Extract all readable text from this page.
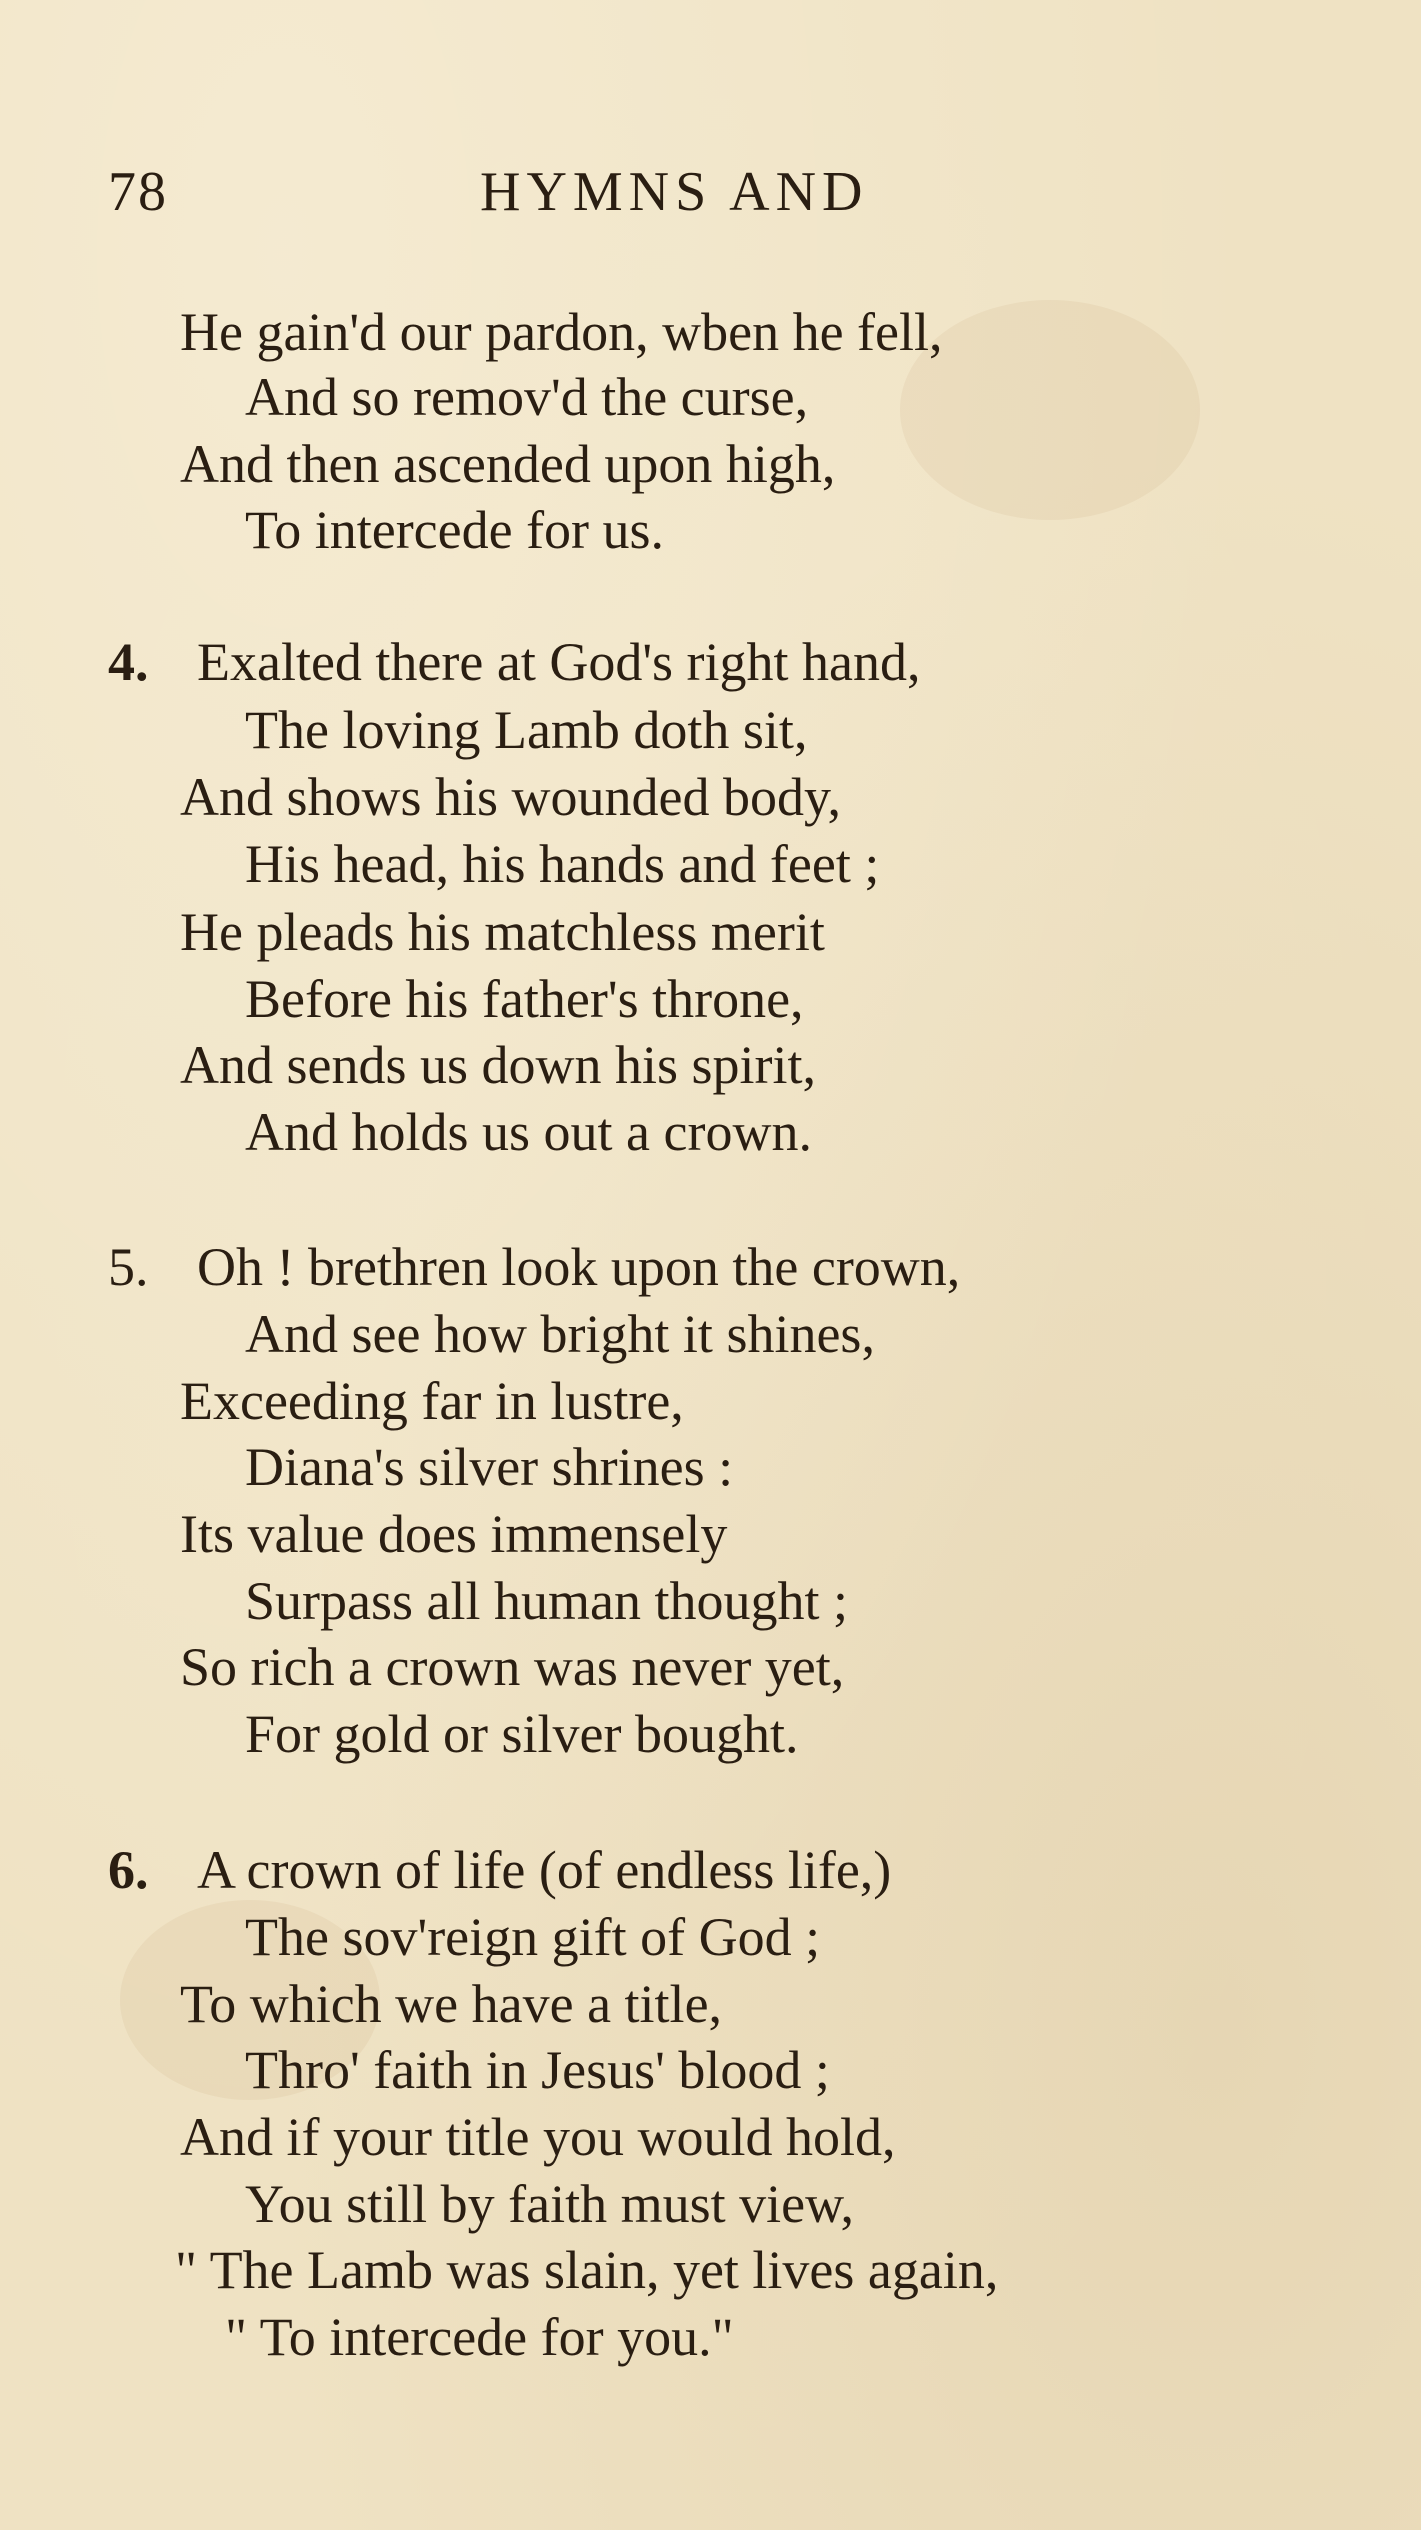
78	HYMNS AND
He gain'd our pardon, wben he fell,
And so remov'd the curse,
And then ascended upon high,
To intercede for us.
4. Exalted there at God's right hand,
The loving Lamb doth sit,
And shows his wounded body,
His head, his hands and feet ;
He pleads his matchless merit
Before his father's throne,
And sends us down his spirit,
And holds us out a crown.
5. Oh ! brethren look upon the crown,
And see how bright it shines,
Exceeding far in lustre,
Diana's silver shrines :
Its value does immensely
Surpass all human thought ;
So rich a crown was never yet,
For gold or silver bought.
6. A crown of life (of endless life,)
The sov'reign gift of God ;
To which we have a title,
Thro' faith in Jesus' blood ;
And if your title you would hold,
You still by faith must view,
" The Lamb was slain, yet lives again,
" To intercede for you."
